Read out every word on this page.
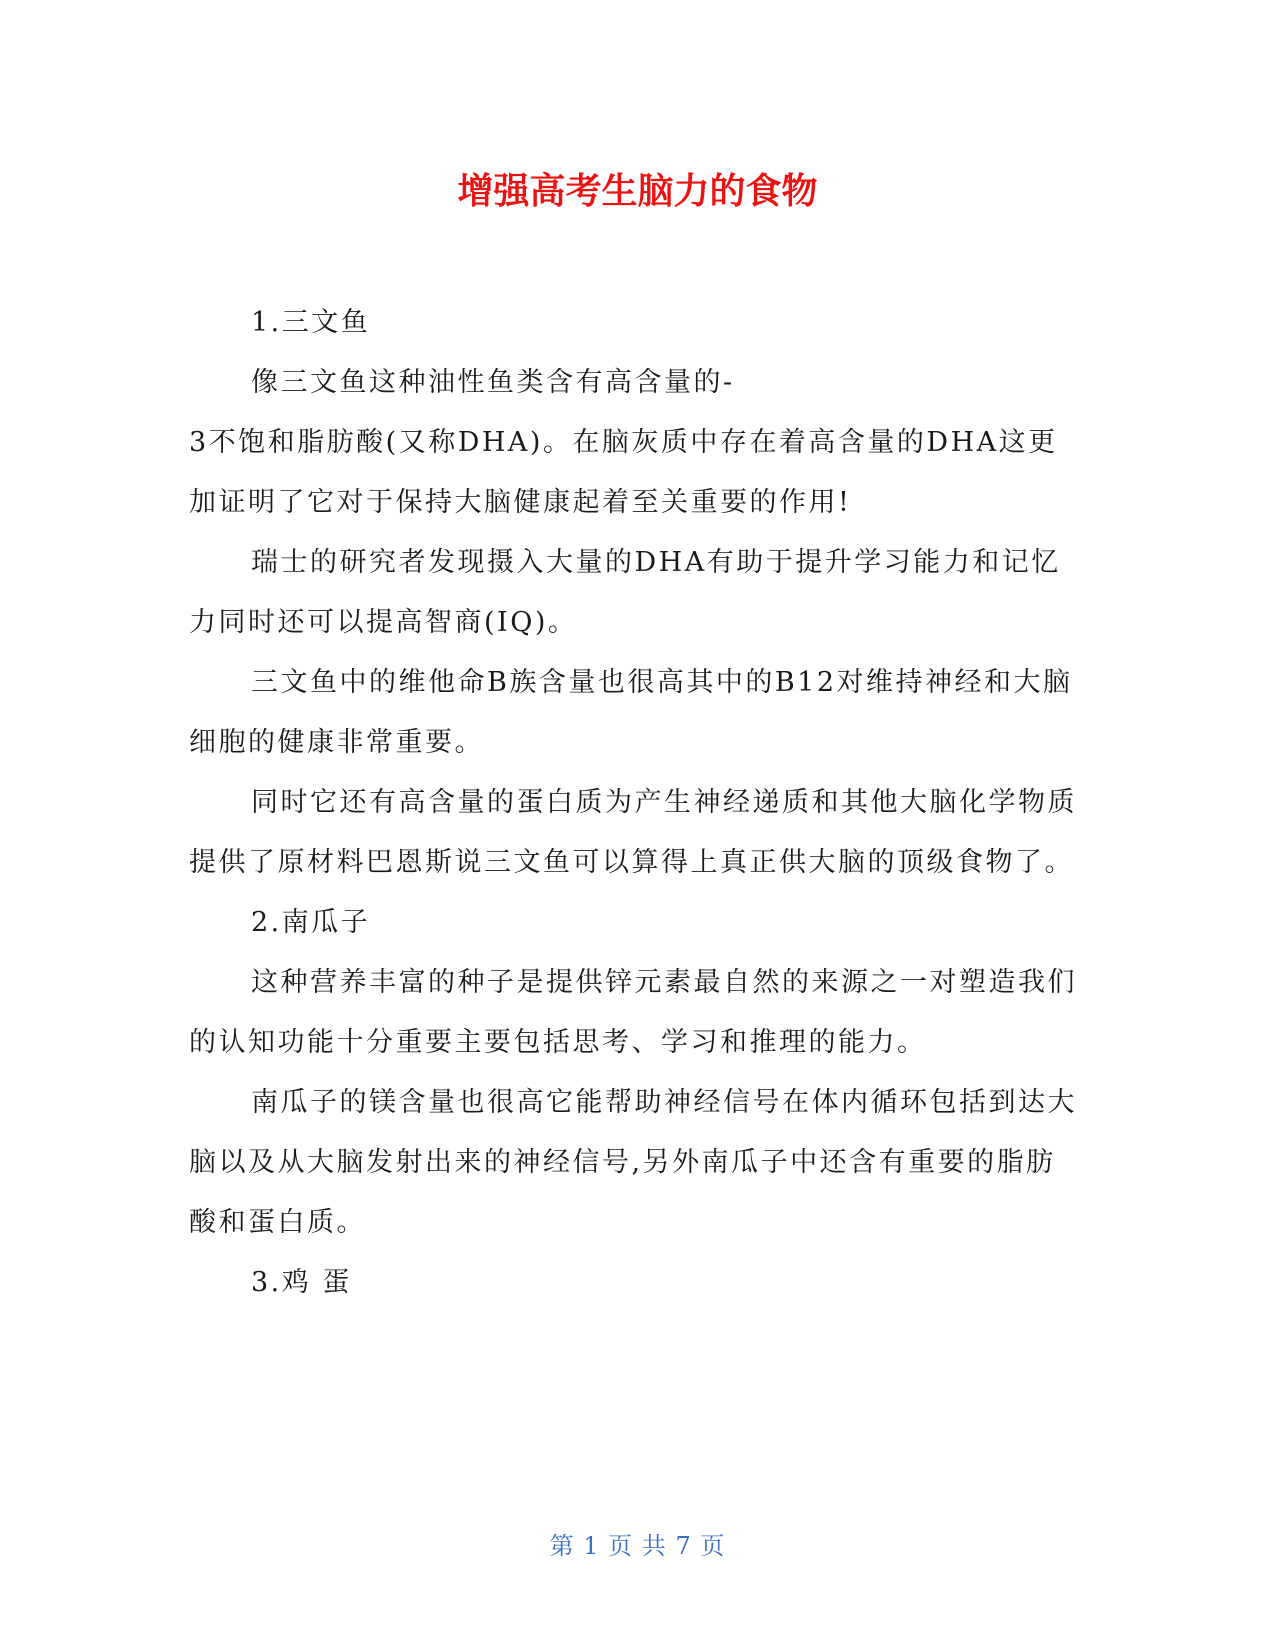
增强高考生脑力的食物

1.三文鱼

像三文鱼这种油性鱼类含有高含量的-

3不饱和脂肪酸(又称DHA)。在脑灰质中存在着高含量的DHA这更加证明了它对于保持大脑健康起着至关重要的作用!

瑞士的研究者发现摄入大量的DHA有助于提升学习能力和记忆力同时还可以提高智商(IQ)。

三文鱼中的维他命B族含量也很高其中的B12对维持神经和大脑细胞的健康非常重要。

同时它还有高含量的蛋白质为产生神经递质和其他大脑化学物质提供了原材料巴恩斯说三文鱼可以算得上真正供大脑的顶级食物了。

2.南瓜子

这种营养丰富的种子是提供锌元素最自然的来源之一对塑造我们的认知功能十分重要主要包括思考、学习和推理的能力。

南瓜子的镁含量也很高它能帮助神经信号在体内循环包括到达大脑以及从大脑发射出来的神经信号,另外南瓜子中还含有重要的脂肪酸和蛋白质。

3.鸡 蛋

第 1 页 共 7 页
